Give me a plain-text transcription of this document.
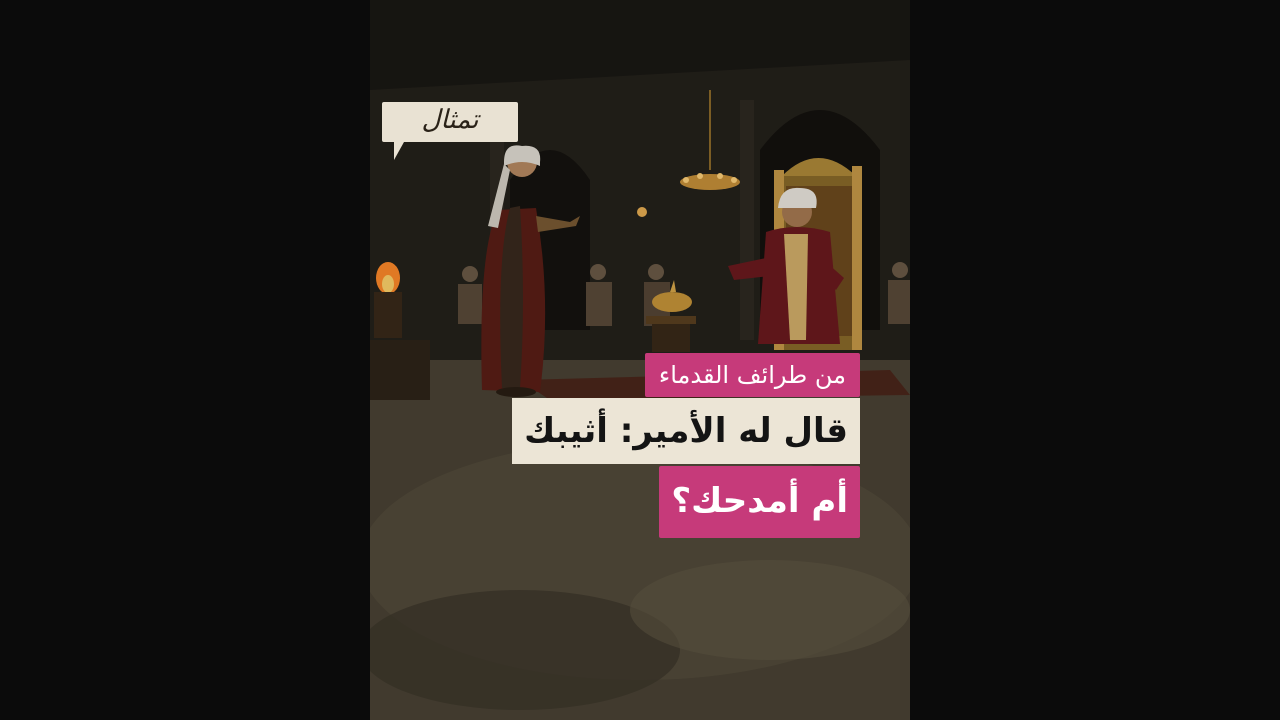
تمثال
من طرائف القدماء
قال له الأمير: أثيبك
أم أمدحك؟
